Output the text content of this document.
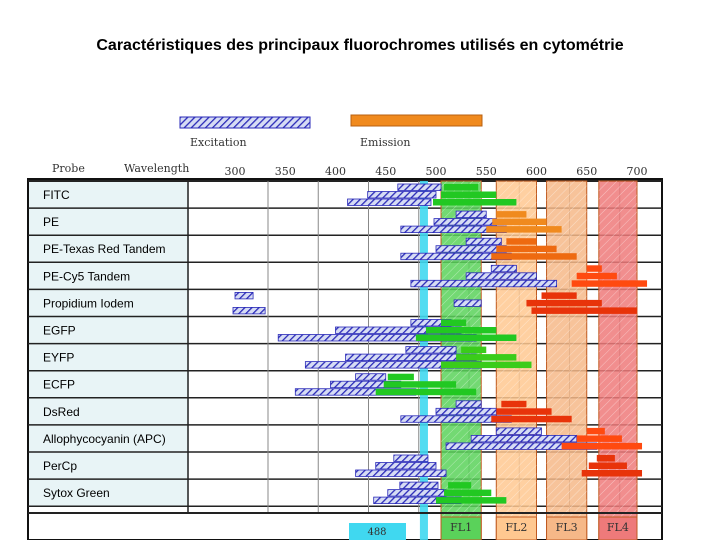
Caractéristiques des principaux fluorochromes utilisés en cytométrie
Excitation	Emission
Probe	Wavelength	300	350	400	450	500	550	600	650	700
FITC
PE
PE-Texas Red Tandem
PE-Cy5 Tandem
Propidium Iodem
EGFP
EYFP
ECFP
DsRed
Allophycocyanin (APC)
PerCp
Sytox Green
488	FL1	FL2	FL3	FL4
